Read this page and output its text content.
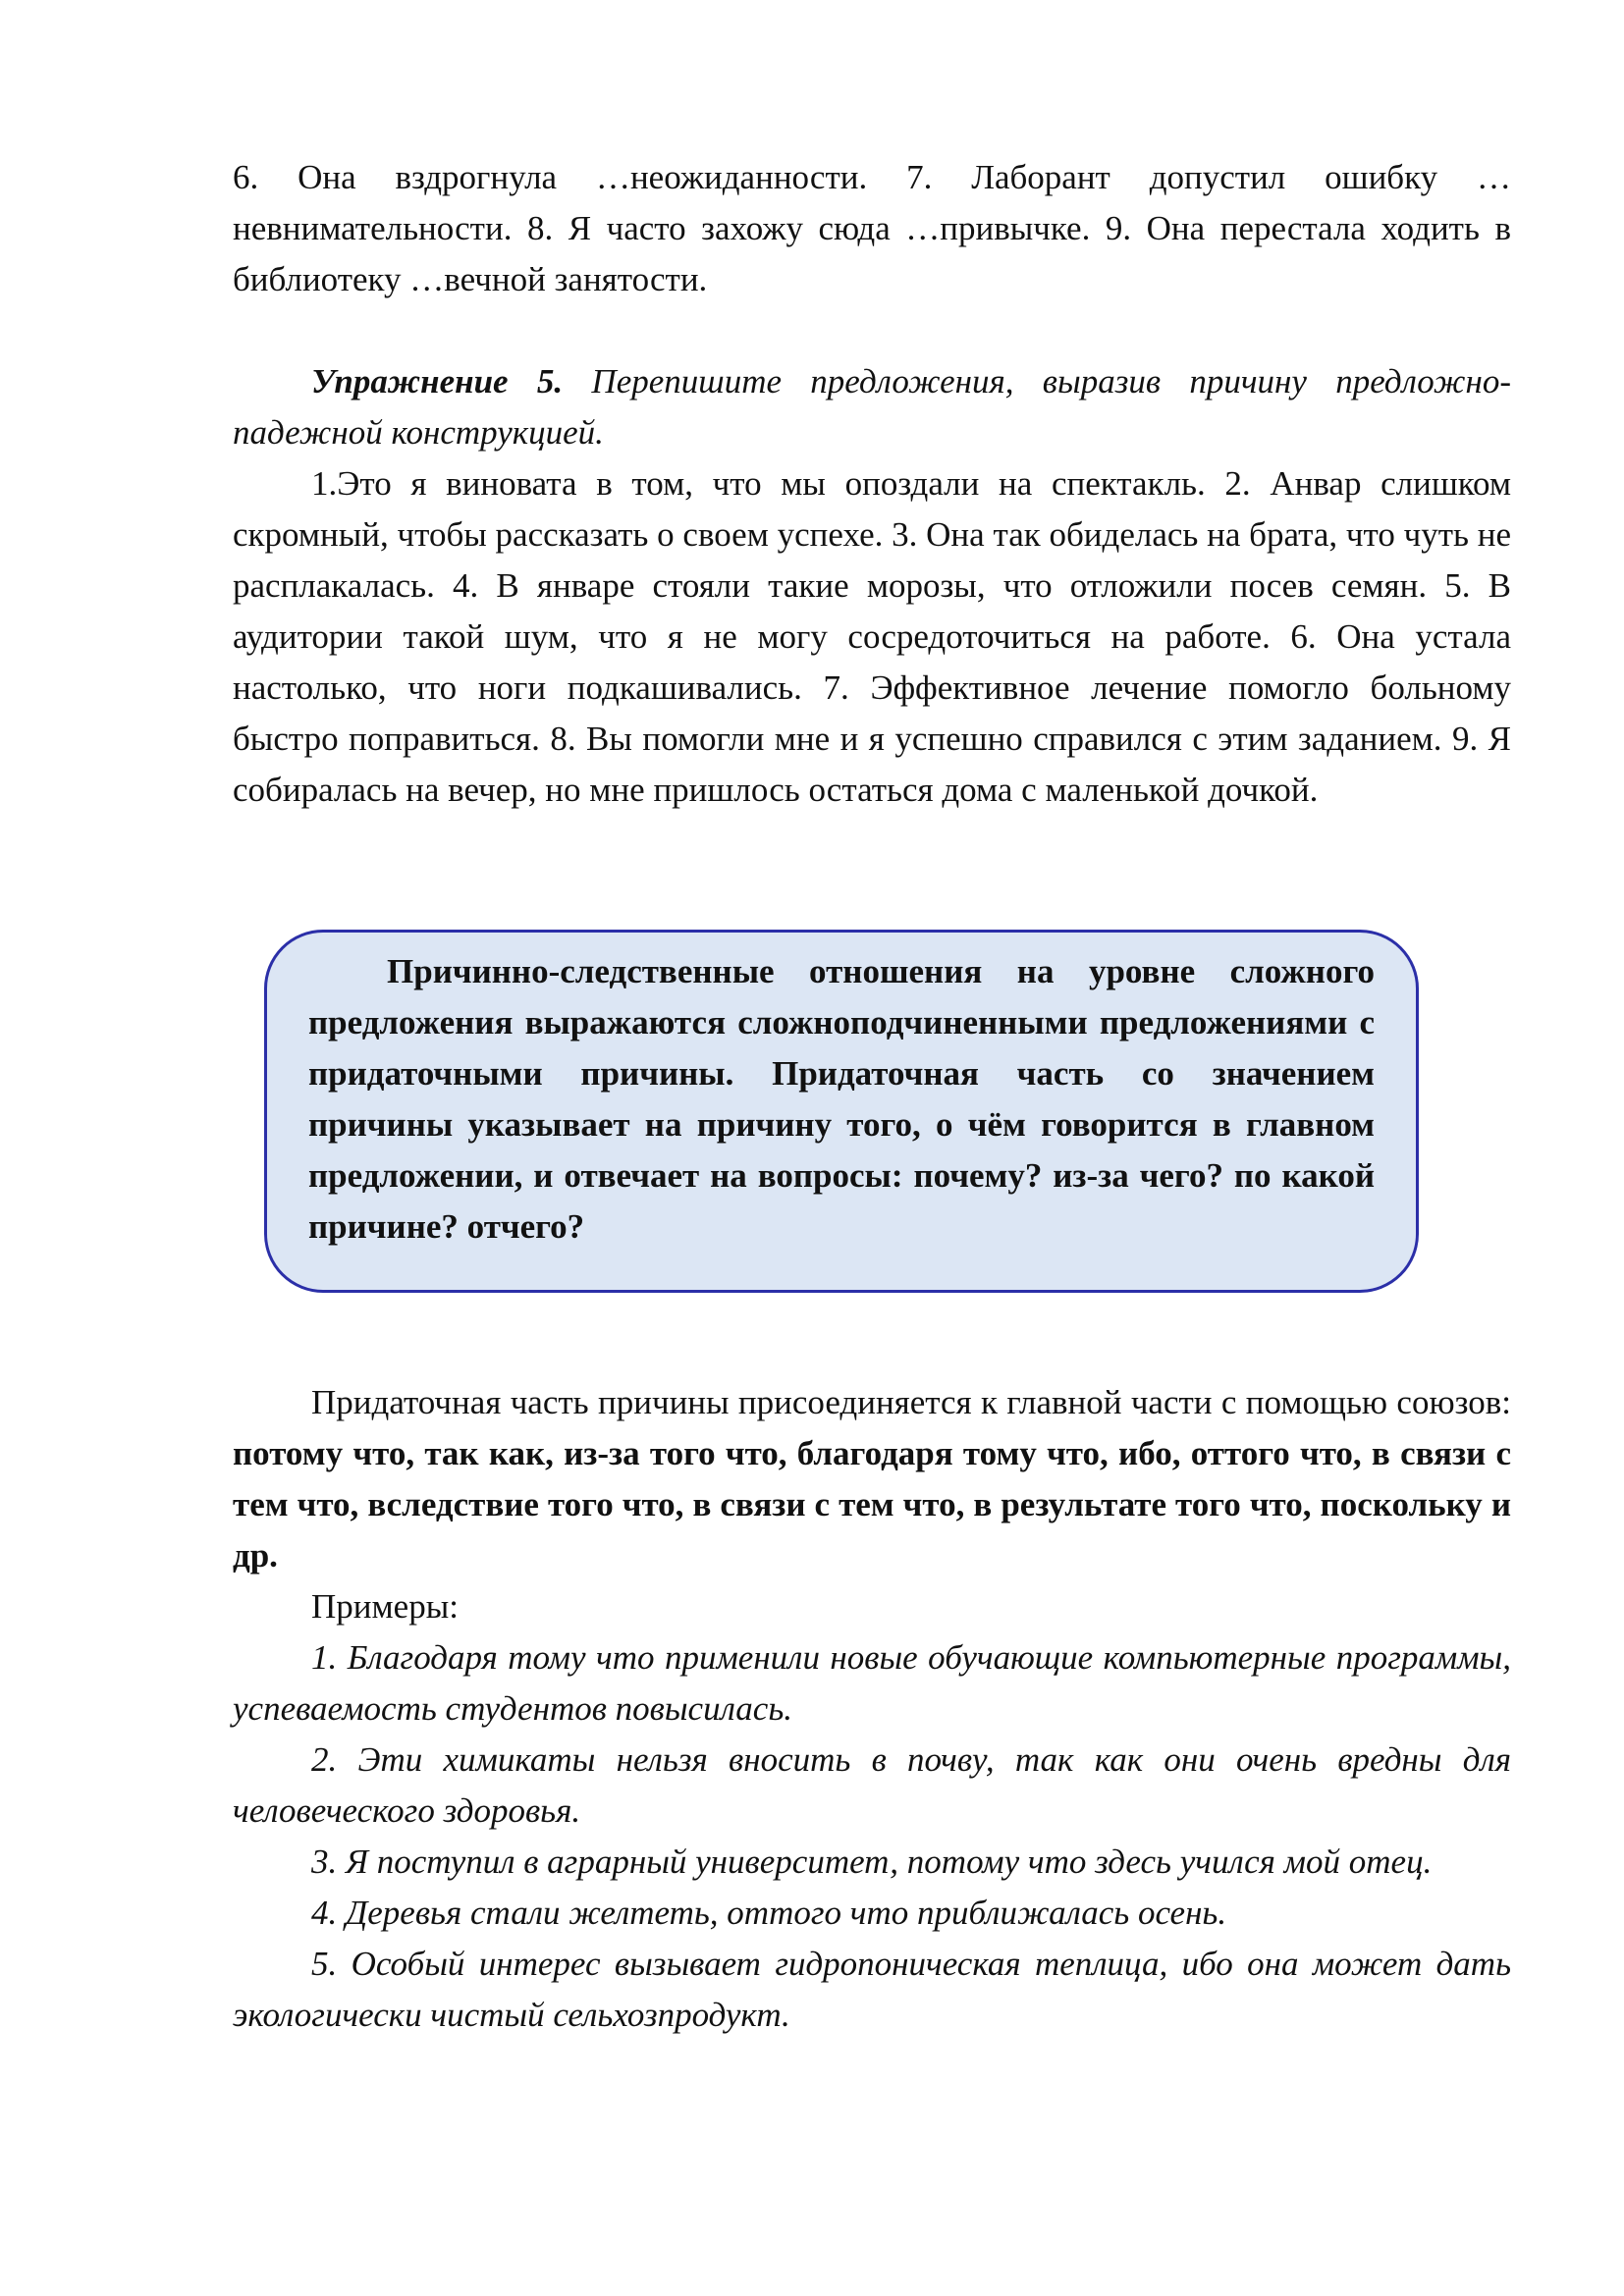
6. Она вздрогнула …неожиданности. 7. Лаборант допустил ошибку …невнимательности. 8. Я часто захожу сюда …привычке. 9. Она перестала ходить в библиотеку …вечной занятости.

Упражнение 5. Перепишите предложения, выразив причину предложно-падежной конструкцией.

1.Это я виновата в том, что мы опоздали на спектакль. 2. Анвар слишком скромный, чтобы рассказать о своем успехе. 3. Она так обиделась на брата, что чуть не расплакалась. 4. В январе стояли такие морозы, что отложили посев семян. 5. В аудитории такой шум, что я не могу сосредоточиться на работе. 6. Она устала настолько, что ноги подкашивались. 7. Эффективное лечение помогло больному быстро поправиться. 8. Вы помогли мне и я успешно справился с этим заданием. 9. Я собиралась на вечер, но мне пришлось остаться дома с маленькой дочкой.

Причинно-следственные отношения на уровне сложного предложения выражаются сложноподчиненными предложениями с придаточными причины. Придаточная часть со значением причины указывает на причину того, о чём говорится в главном предложении, и отвечает на вопросы: почему? из-за чего? по какой причине? отчего?

Придаточная часть причины присоединяется к главной части с помощью союзов: потому что, так как, из-за того что, благодаря тому что, ибо, оттого что, в связи с тем что, вследствие того что, в связи с тем что, в результате того что, поскольку и др.

Примеры:

1. Благодаря тому что применили новые обучающие компьютерные программы, успеваемость студентов повысилась.

2. Эти химикаты нельзя вносить в почву, так как они очень вредны для человеческого здоровья.

3. Я поступил в аграрный университет, потому что здесь учился мой отец.

4. Деревья стали желтеть, оттого что приближалась осень.

5. Особый интерес вызывает гидропоническая теплица, ибо она может дать экологически чистый сельхозпродукт.
